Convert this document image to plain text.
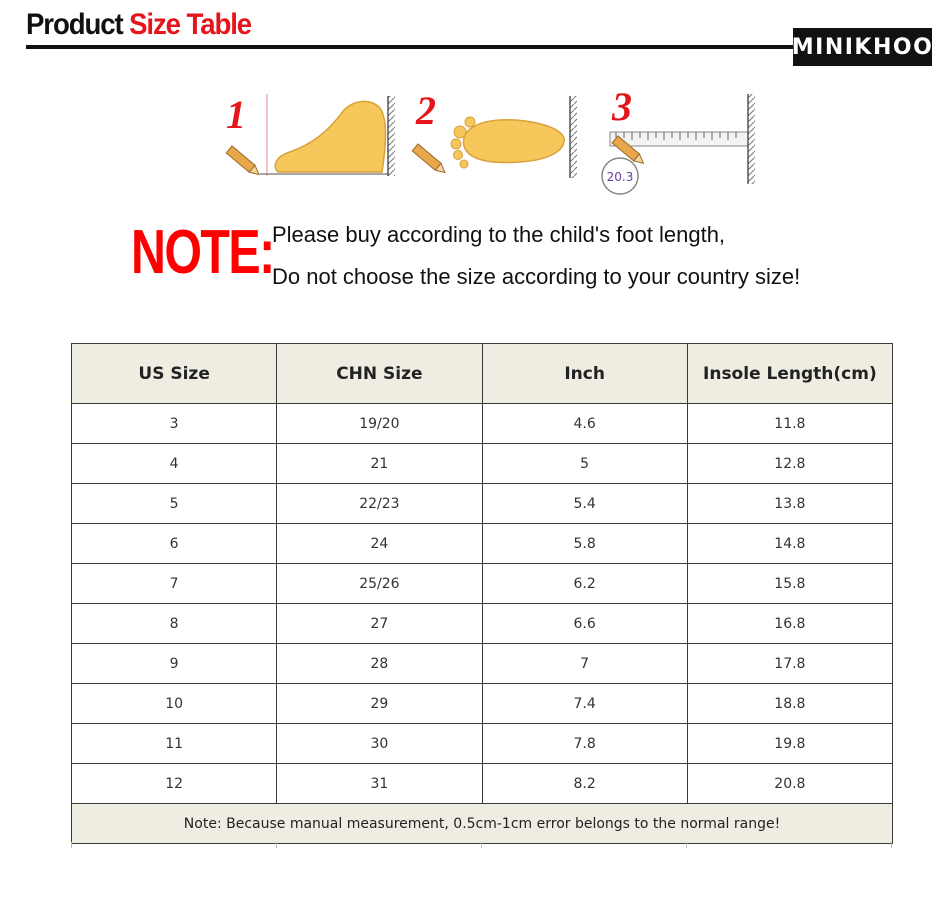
Product Size Table
MINIKHOO
1	2	3
20.3
NOTE:
Please buy according to the child's foot length,
Do not choose the size according to your country size!
US Size	CHN Size	Inch	Insole Length(cm)
3	19/20	4.6	11.8
4	21	5	12.8
5	22/23	5.4	13.8
6	24	5.8	14.8
7	25/26	6.2	15.8
8	27	6.6	16.8
9	28	7	17.8
10	29	7.4	18.8
11	30	7.8	19.8
12	31	8.2	20.8
Note: Because manual measurement, 0.5cm-1cm error belongs to the normal range!			
